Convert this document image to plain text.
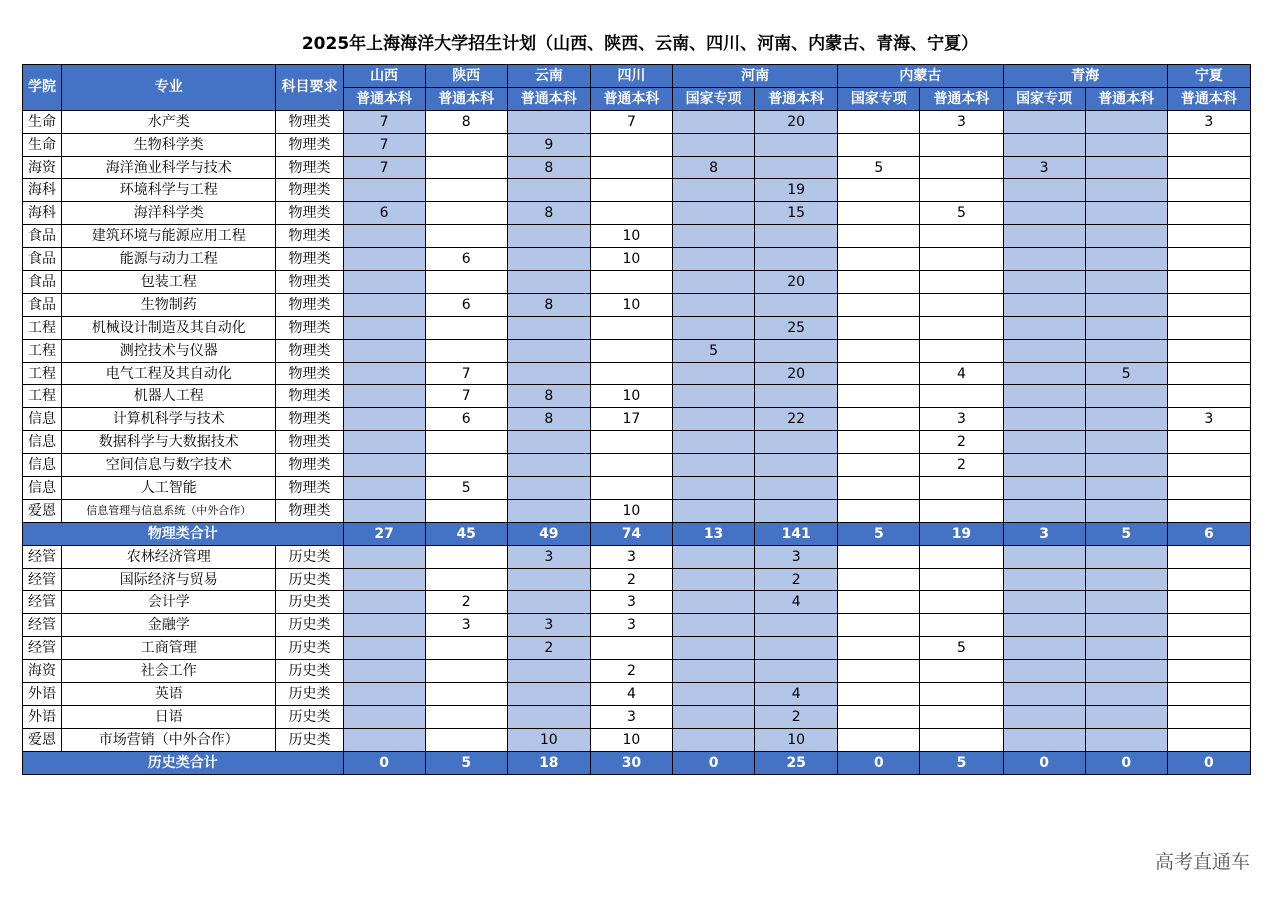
2025年上海海洋大学招生计划（山西、陕西、云南、四川、河南、内蒙古、青海、宁夏）
学院	专业	科目要求	山西	陕西	云南	四川	河南		内蒙古		青海		宁夏
			普通本科	普通本科	普通本科	普通本科	国家专项	普通本科	国家专项	普通本科	国家专项	普通本科	普通本科
生命	水产类	物理类	7	8		7		20		3			3
生命	生物科学类	物理类	7		9								
海资	海洋渔业科学与技术	物理类	7		8		8		5		3		
海科	环境科学与工程	物理类						19					
海科	海洋科学类	物理类	6		8			15		5			
食品	建筑环境与能源应用工程	物理类				10							
食品	能源与动力工程	物理类		6		10							
食品	包装工程	物理类						20					
食品	生物制药	物理类		6	8	10							
工程	机械设计制造及其自动化	物理类						25					
工程	测控技术与仪器	物理类					5						
工程	电气工程及其自动化	物理类		7				20		4		5	
工程	机器人工程	物理类		7	8	10							
信息	计算机科学与技术	物理类		6	8	17		22		3			3
信息	数据科学与大数据技术	物理类								2			
信息	空间信息与数字技术	物理类								2			
信息	人工智能	物理类		5									
爱恩	信息管理与信息系统（中外合作）	物理类				10							
物理类合计			27	45	49	74	13	141	5	19	3	5	6
经管	农林经济管理	历史类			3	3		3					
经管	国际经济与贸易	历史类				2		2					
经管	会计学	历史类		2		3		4					
经管	金融学	历史类		3	3	3							
经管	工商管理	历史类			2					5			
海资	社会工作	历史类				2							
外语	英语	历史类				4		4					
外语	日语	历史类				3		2					
爱恩	市场营销（中外合作）	历史类			10	10		10					
历史类合计			0	5	18	30	0	25	0	5	0	0	0
高考直通车
